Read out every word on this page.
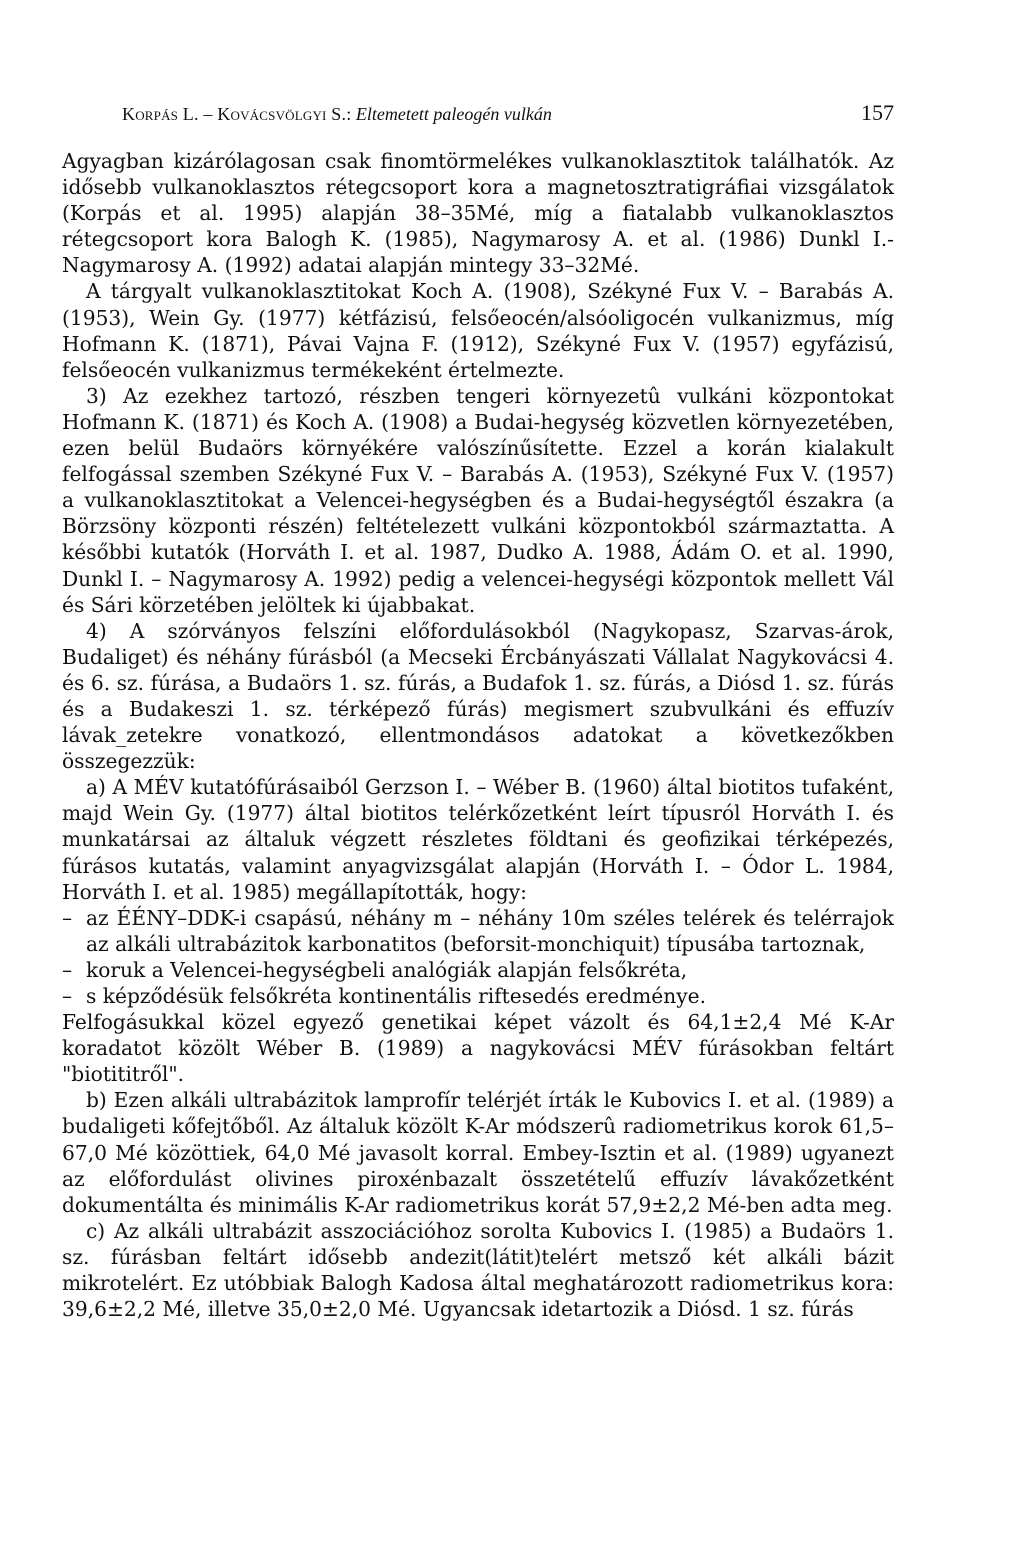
Korpás L. – Kovácsvölgyi S.: Eltemetett paleogén vulkán	157

Agyagban kizárólagosan csak finomtörmelékes vulkanoklasztitok találhatók. Az idősebb vulkanoklasztos rétegcsoport kora a magnetosztratigráfiai vizsgálatok (Korpás et al. 1995) alapján 38–35Mé, míg a fiatalabb vulkanoklasztos rétegcsoport kora Balogh K. (1985), Nagymarosy A. et al. (1986) Dunkl I.- Nagymarosy A. (1992) adatai alapján mintegy 33–32Mé.

A tárgyalt vulkanoklasztitokat Koch A. (1908), Székyné Fux V. – Barabás A. (1953), Wein Gy. (1977) kétfázisú, felsőeocén/alsóoligocén vulkanizmus, míg Hofmann K. (1871), Pávai Vajna F. (1912), Székyné Fux V. (1957) egyfázisú, felsőeocén vulkanizmus termékeként értelmezte.

3) Az ezekhez tartozó, részben tengeri környezetû vulkáni központokat Hofmann K. (1871) és Koch A. (1908) a Budai-hegység közvetlen környezetében, ezen belül Budaörs környékére valószínűsítette. Ezzel a korán kialakult felfogással szemben Székyné Fux V. – Barabás A. (1953), Székyné Fux V. (1957) a vulkanoklasztitokat a Velencei-hegységben és a Budai-hegységtől északra (a Börzsöny központi részén) feltételezett vulkáni központokból származtatta. A későbbi kutatók (Horváth I. et al. 1987, Dudko A. 1988, Ádám O. et al. 1990, Dunkl I. – Nagymarosy A. 1992) pedig a velencei-hegységi központok mellett Vál és Sári körzetében jelöltek ki újabbakat.

4) A szórványos felszíni előfordulásokból (Nagykopasz, Szarvas-árok, Budaliget) és néhány fúrásból (a Mecseki Ércbányászati Vállalat Nagykovácsi 4. és 6. sz. fúrása, a Budaörs 1. sz. fúrás, a Budafok 1. sz. fúrás, a Diósd 1. sz. fúrás és a Budakeszi 1. sz. térképező fúrás) megismert szubvulkáni és effuzív lávak_zetekre vonatkozó, ellentmondásos adatokat a következőkben összegezzük:

a) A MÉV kutatófúrásaiból Gerzson I. – Wéber B. (1960) által biotitos tufaként, majd Wein Gy. (1977) által biotitos telérkőzetként leírt típusról Horváth I. és munkatársai az általuk végzett részletes földtani és geofizikai térképezés, fúrásos kutatás, valamint anyagvizsgálat alapján (Horváth I. – Ódor L. 1984, Horváth I. et al. 1985) megállapították, hogy:

– az ÉÉNY–DDK-i csapású, néhány m – néhány 10m széles telérek és telérrajok az alkáli ultrabázitok karbonatitos (beforsit-monchiquit) típusába tartoznak,
– koruk a Velencei-hegységbeli analógiák alapján felsőkréta,
– s képződésük felsőkréta kontinentális riftesedés eredménye.

Felfogásukkal közel egyező genetikai képet vázolt és 64,1±2,4 Mé K-Ar koradatot közölt Wéber B. (1989) a nagykovácsi MÉV fúrásokban feltárt "biotititről".

b) Ezen alkáli ultrabázitok lamprofír telérjét írták le Kubovics I. et al. (1989) a budaligeti kőfejtőből. Az általuk közölt K-Ar módszerû radiometrikus korok 61,5–67,0 Mé közöttiek, 64,0 Mé javasolt korral. Embey-Isztin et al. (1989) ugyanezt az előfordulást olivines piroxénbazalt összetételű effuzív lávakőzetként dokumentálta és minimális K-Ar radiometrikus korát 57,9±2,2 Mé-ben adta meg.

c) Az alkáli ultrabázit asszociációhoz sorolta Kubovics I. (1985) a Budaörs 1. sz. fúrásban feltárt idősebb andezit(látit)telért metsző két alkáli bázit mikrotelért. Ez utóbbiak Balogh Kadosa által meghatározott radiometrikus kora: 39,6±2,2 Mé, illetve 35,0±2,0 Mé. Ugyancsak idetartozik a Diósd. 1 sz. fúrás
